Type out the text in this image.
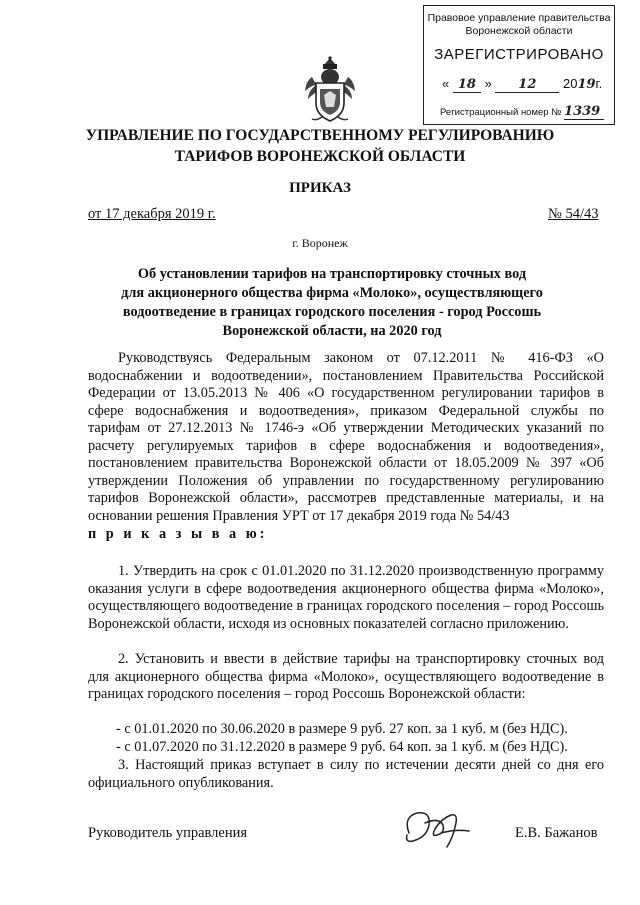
Правовое управление правительства Воронежской области
ЗАРЕГИСТРИРОВАНО
« 18 » 12 2019г.
Регистрационный номер № 1339
УПРАВЛЕНИЕ ПО ГОСУДАРСТВЕННОМУ РЕГУЛИРОВАНИЮ
ТАРИФОВ ВОРОНЕЖСКОЙ ОБЛАСТИ
ПРИКАЗ
от 17 декабря 2019 г.	№ 54/43
г. Воронеж
Об установлении тарифов на транспортировку сточных вод
для акционерного общества фирма «Молоко», осуществляющего
водоотведение в границах городского поселения - город Россошь
Воронежской области, на 2020 год
Руководствуясь Федеральным законом от 07.12.2011 № 416-ФЗ «О водоснабжении и водоотведении», постановлением Правительства Российской Федерации от 13.05.2013 № 406 «О государственном регулировании тарифов в сфере водоснабжения и водоотведения», приказом Федеральной службы по тарифам от 27.12.2013 № 1746-э «Об утверждении Методических указаний по расчету регулируемых тарифов в сфере водоснабжения и водоотведения», постановлением правительства Воронежской области от 18.05.2009 № 397 «Об утверждении Положения об управлении по государственному регулированию тарифов Воронежской области», рассмотрев представленные материалы, и на основании решения Правления УРТ от 17 декабря 2019 года № 54/43
п р и к а з ы в а ю:
1. Утвердить на срок с 01.01.2020 по 31.12.2020 производственную программу оказания услуги в сфере водоотведения акционерного общества фирма «Молоко», осуществляющего водоотведение в границах городского поселения – город Россошь Воронежской области, исходя из основных показателей согласно приложению.
2. Установить и ввести в действие тарифы на транспортировку сточных вод для акционерного общества фирма «Молоко», осуществляющего водоотведение в границах городского поселения – город Россошь Воронежской области:
- с 01.01.2020 по 30.06.2020 в размере 9 руб. 27 коп. за 1 куб. м (без НДС).
- с 01.07.2020 по 31.12.2020 в размере 9 руб. 64 коп. за 1 куб. м (без НДС).
3. Настоящий приказ вступает в силу по истечении десяти дней со дня его официального опубликования.
Руководитель управления	Е.В. Бажанов
